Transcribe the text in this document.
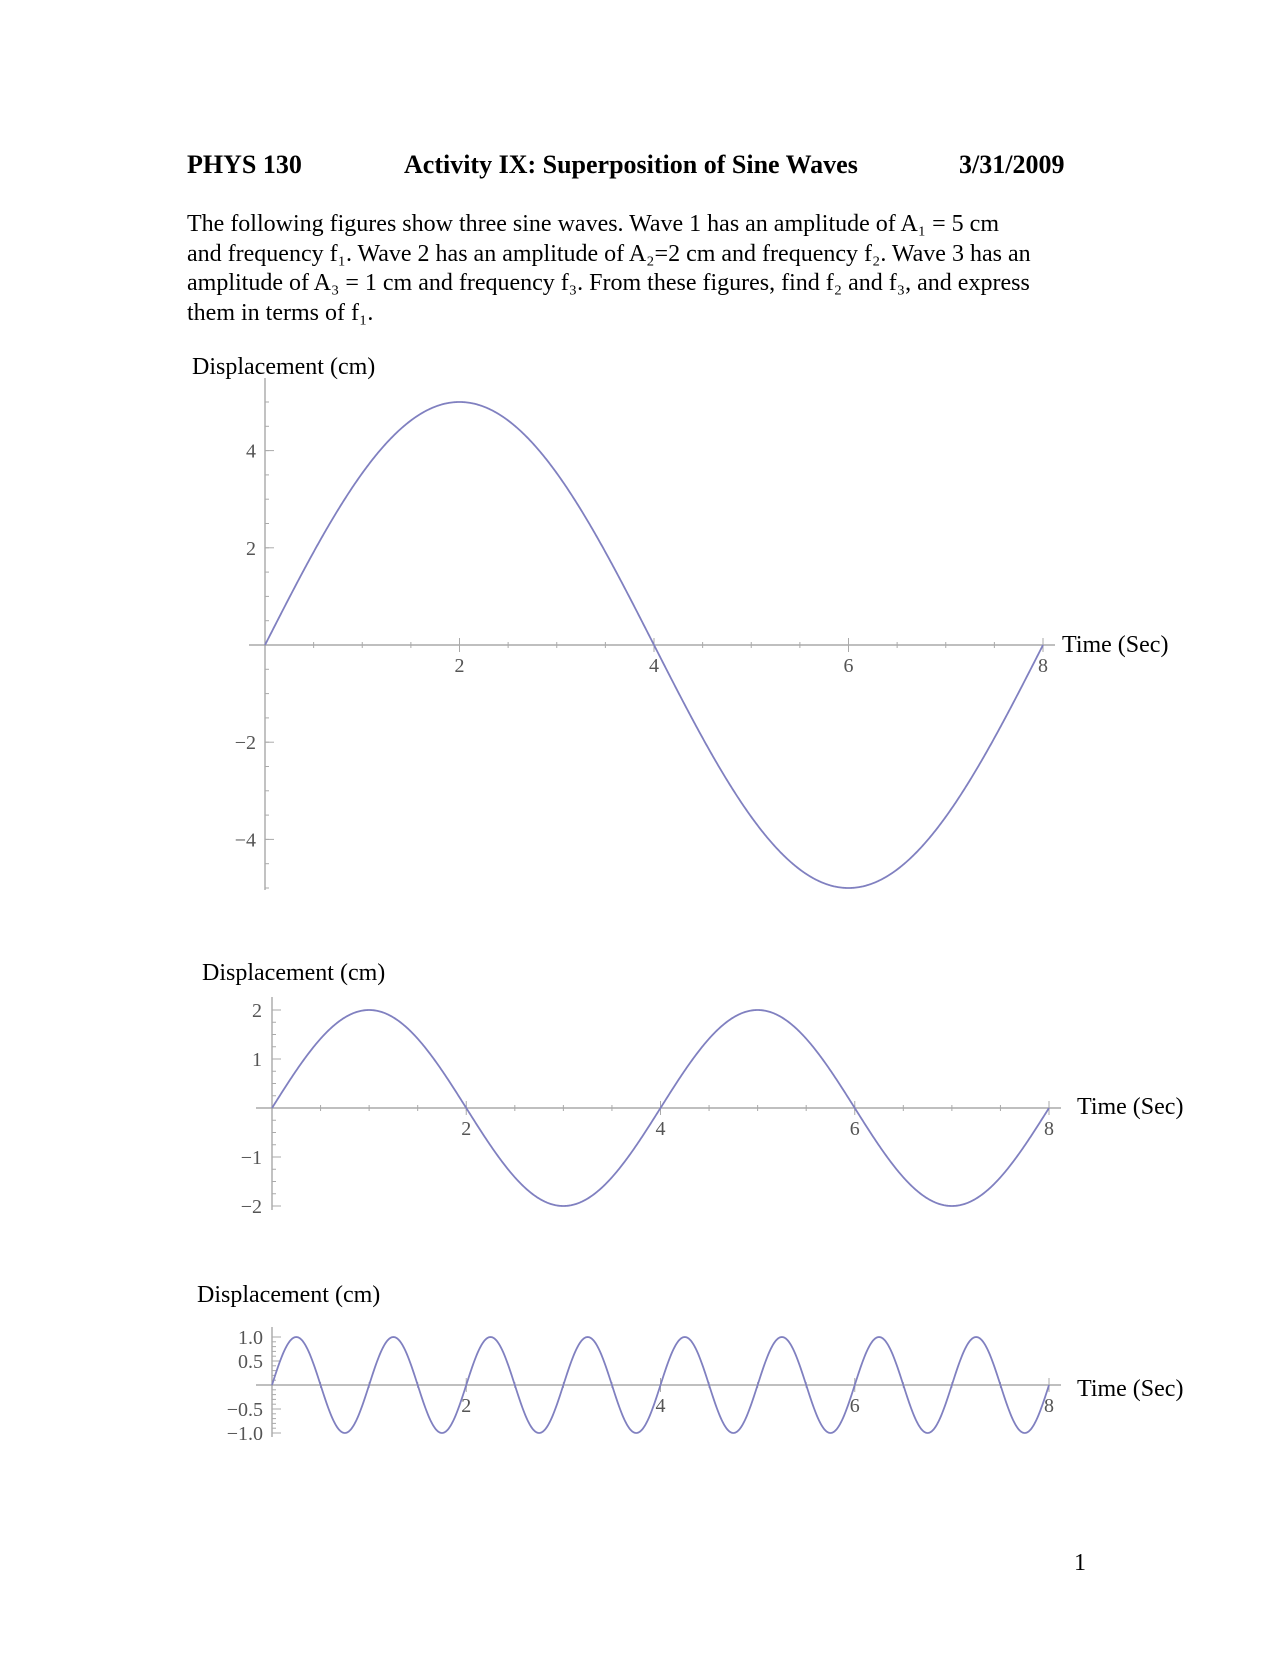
PHYS 130	Activity IX: Superposition of Sine Waves	3/31/2009

The following figures show three sine waves. Wave 1 has an amplitude of A₁ = 5 cm

and frequency f₁. Wave 2 has an amplitude of A₂=2 cm and frequency f₂. Wave 3 has an

amplitude of A₃ = 1 cm and frequency f₃. From these figures, find f₂ and f₃, and express

them in terms of f₁.

Displacement (cm)
4
2
−2
−4
2	4	6	8
Time (Sec)
Displacement (cm)
2
1
−1
−2
2	4	6	8
Time (Sec)
Displacement (cm)
1.0
0.5
−0.5
−1.0
2	4	6	8
Time (Sec)
1
